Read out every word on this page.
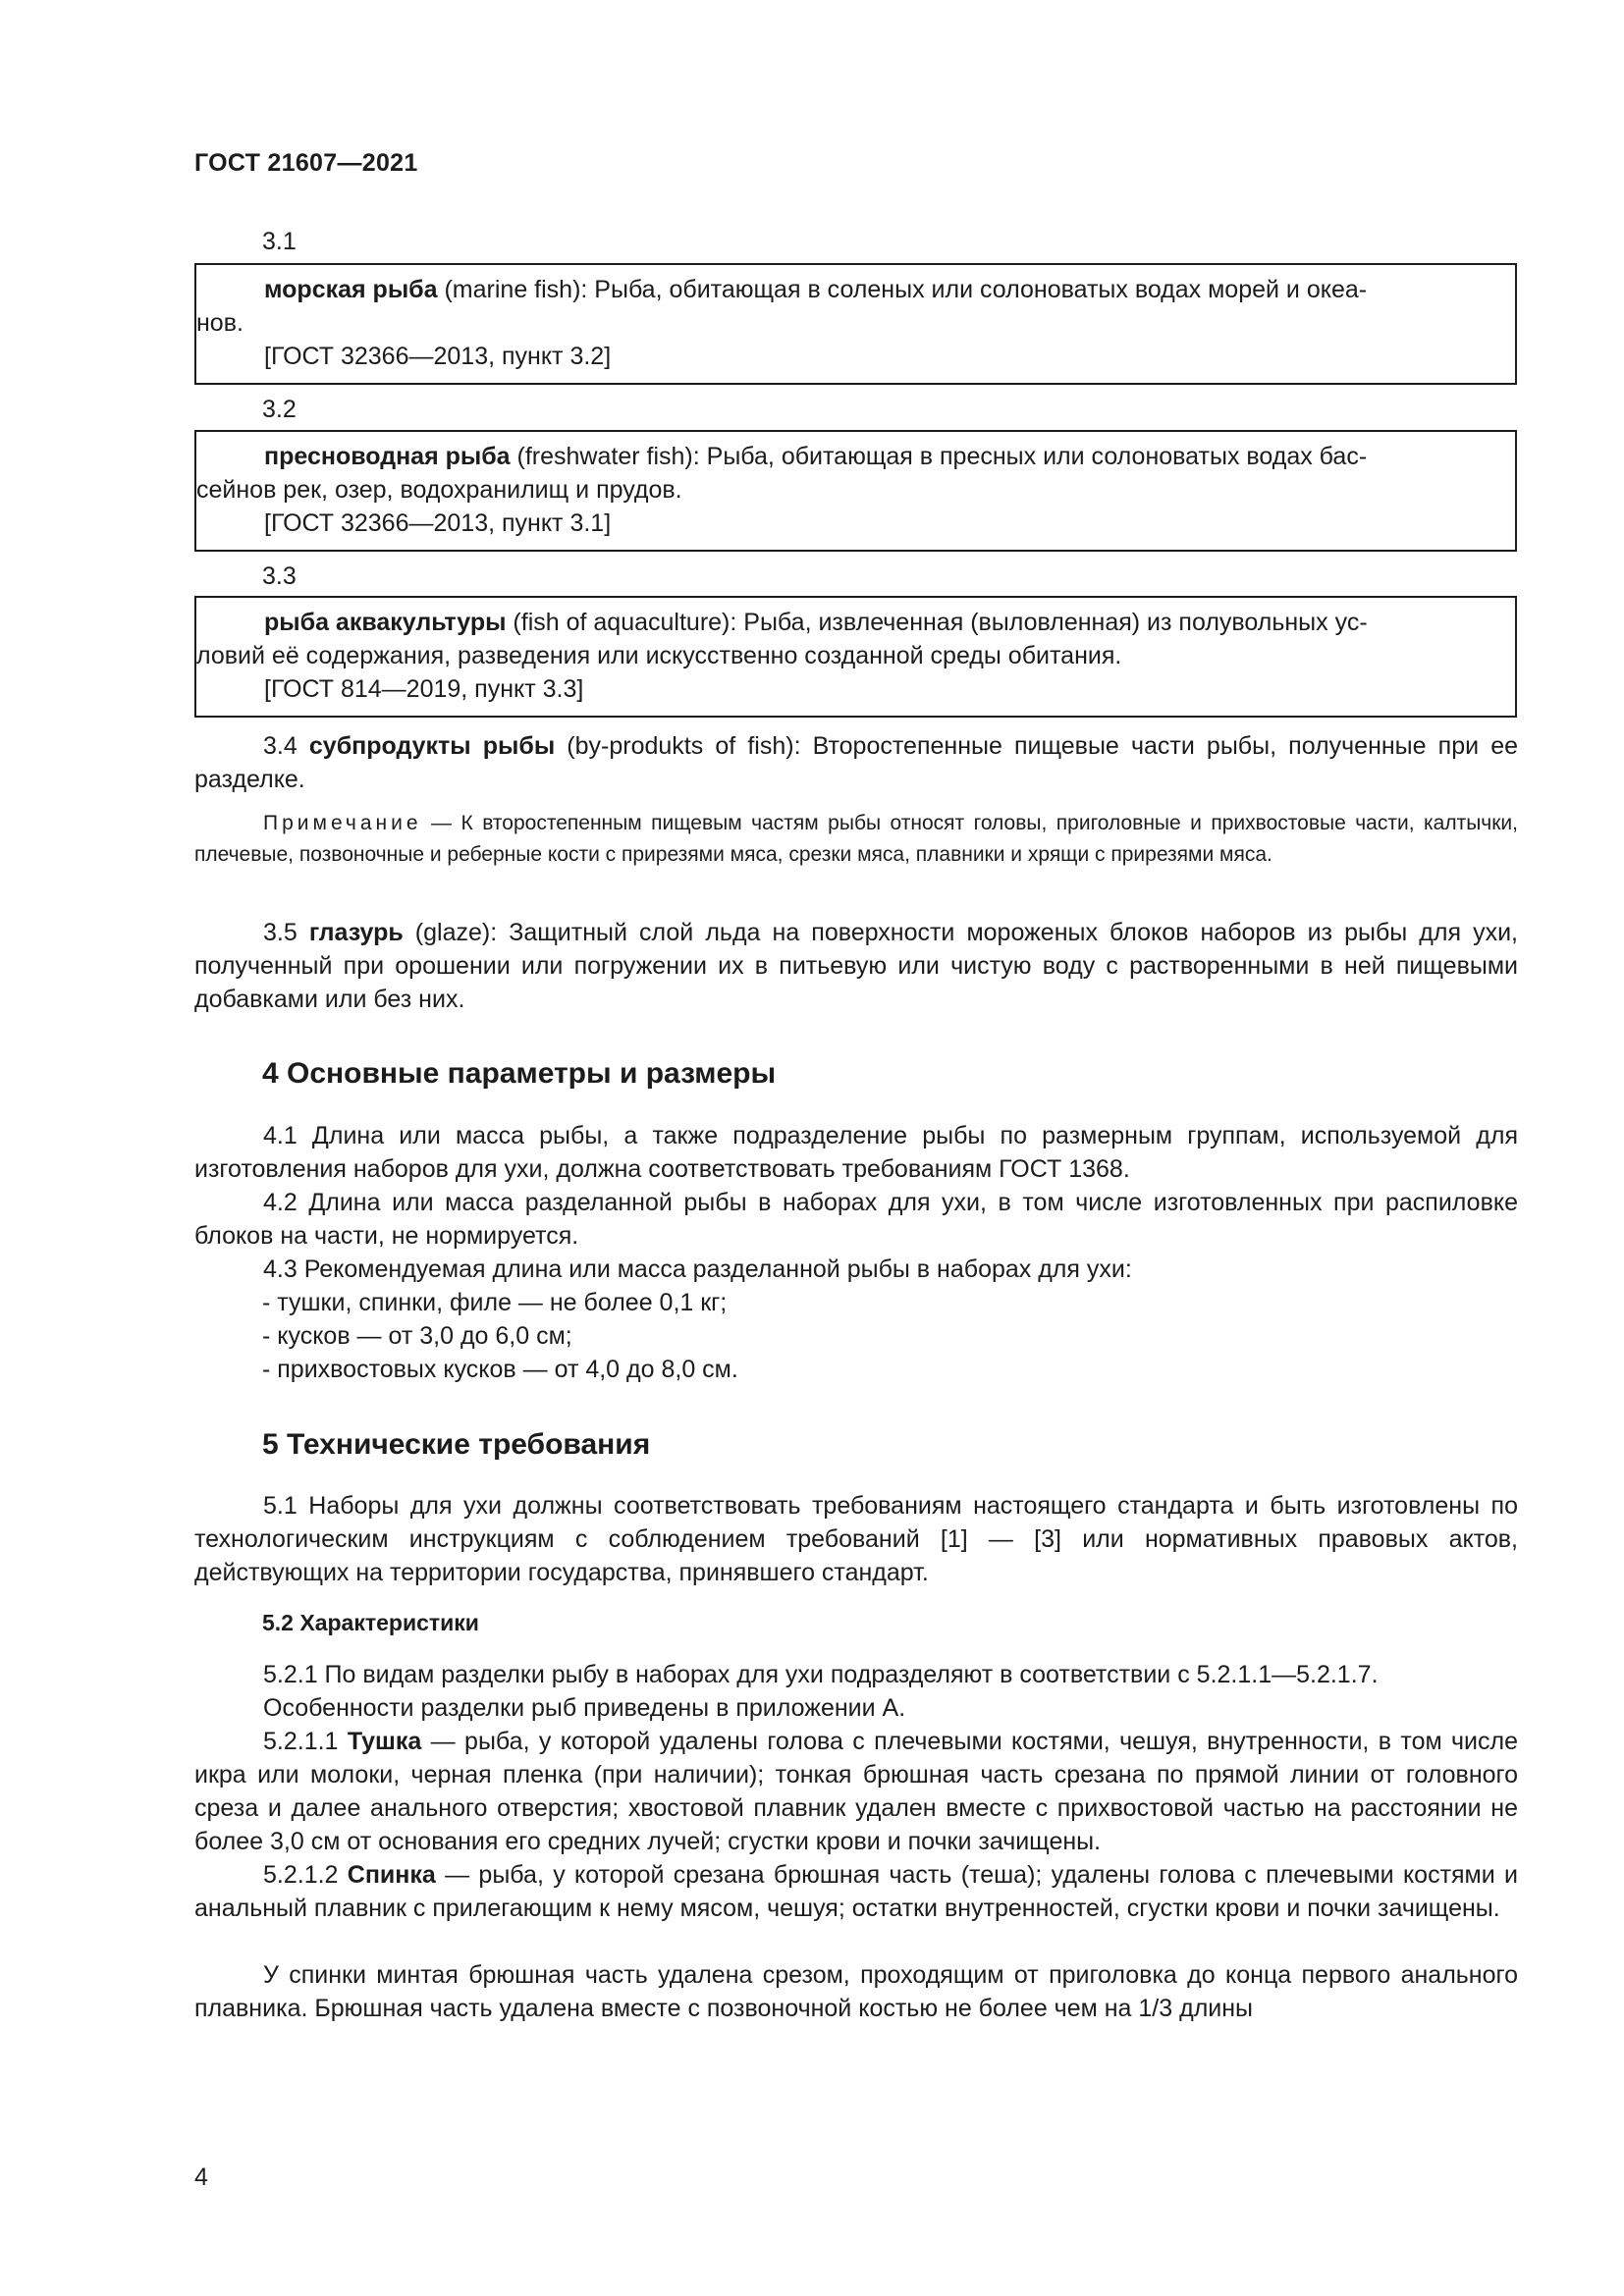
ГОСТ 21607—2021
3.1
морская рыба (marine fish): Рыба, обитающая в соленых или солоноватых водах морей и океа-
нов.
[ГОСТ 32366—2013, пункт 3.2]
3.2
пресноводная рыба (freshwater fish): Рыба, обитающая в пресных или солоноватых водах бас-
сейнов рек, озер, водохранилищ и прудов.
[ГОСТ 32366—2013, пункт 3.1]
3.3
рыба аквакультуры (fish of aquaculture): Рыба, извлеченная (выловленная) из полувольных ус-
ловий её содержания, разведения или искусственно созданной среды обитания.
[ГОСТ 814—2019, пункт 3.3]
3.4 субпродукты рыбы (by-produkts of fish): Второстепенные пищевые части рыбы, полученные при ее разделке.
Примечание — К второстепенным пищевым частям рыбы относят головы, приголовные и прихвостовые части, калтычки, плечевые, позвоночные и реберные кости с прирезями мяса, срезки мяса, плавники и хрящи с прирезями мяса.
3.5 глазурь (glaze): Защитный слой льда на поверхности мороженых блоков наборов из рыбы для ухи, полученный при орошении или погружении их в питьевую или чистую воду с растворенными в ней пищевыми добавками или без них.
4 Основные параметры и размеры
4.1 Длина или масса рыбы, а также подразделение рыбы по размерным группам, используемой для изготовления наборов для ухи, должна соответствовать требованиям ГОСТ 1368.
4.2 Длина или масса разделанной рыбы в наборах для ухи, в том числе изготовленных при распиловке блоков на части, не нормируется.
4.3 Рекомендуемая длина или масса разделанной рыбы в наборах для ухи:
- тушки, спинки, филе — не более 0,1 кг;
- кусков — от 3,0 до 6,0 см;
- прихвостовых кусков — от 4,0 до 8,0 см.
5 Технические требования
5.1 Наборы для ухи должны соответствовать требованиям настоящего стандарта и быть изготовлены по технологическим инструкциям с соблюдением требований [1] — [3] или нормативных правовых актов, действующих на территории государства, принявшего стандарт.
5.2 Характеристики
5.2.1 По видам разделки рыбу в наборах для ухи подразделяют в соответствии с 5.2.1.1—5.2.1.7.
Особенности разделки рыб приведены в приложении А.
5.2.1.1 Тушка — рыба, у которой удалены голова с плечевыми костями, чешуя, внутренности, в том числе икра или молоки, черная пленка (при наличии); тонкая брюшная часть срезана по прямой линии от головного среза и далее анального отверстия; хвостовой плавник удален вместе с прихвостовой частью на расстоянии не более 3,0 см от основания его средних лучей; сгустки крови и почки зачищены.
5.2.1.2 Спинка — рыба, у которой срезана брюшная часть (теша); удалены голова с плечевыми костями и анальный плавник с прилегающим к нему мясом, чешуя; остатки внутренностей, сгустки крови и почки зачищены.
У спинки минтая брюшная часть удалена срезом, проходящим от приголовка до конца первого анального плавника. Брюшная часть удалена вместе с позвоночной костью не более чем на 1/3 длины
4
